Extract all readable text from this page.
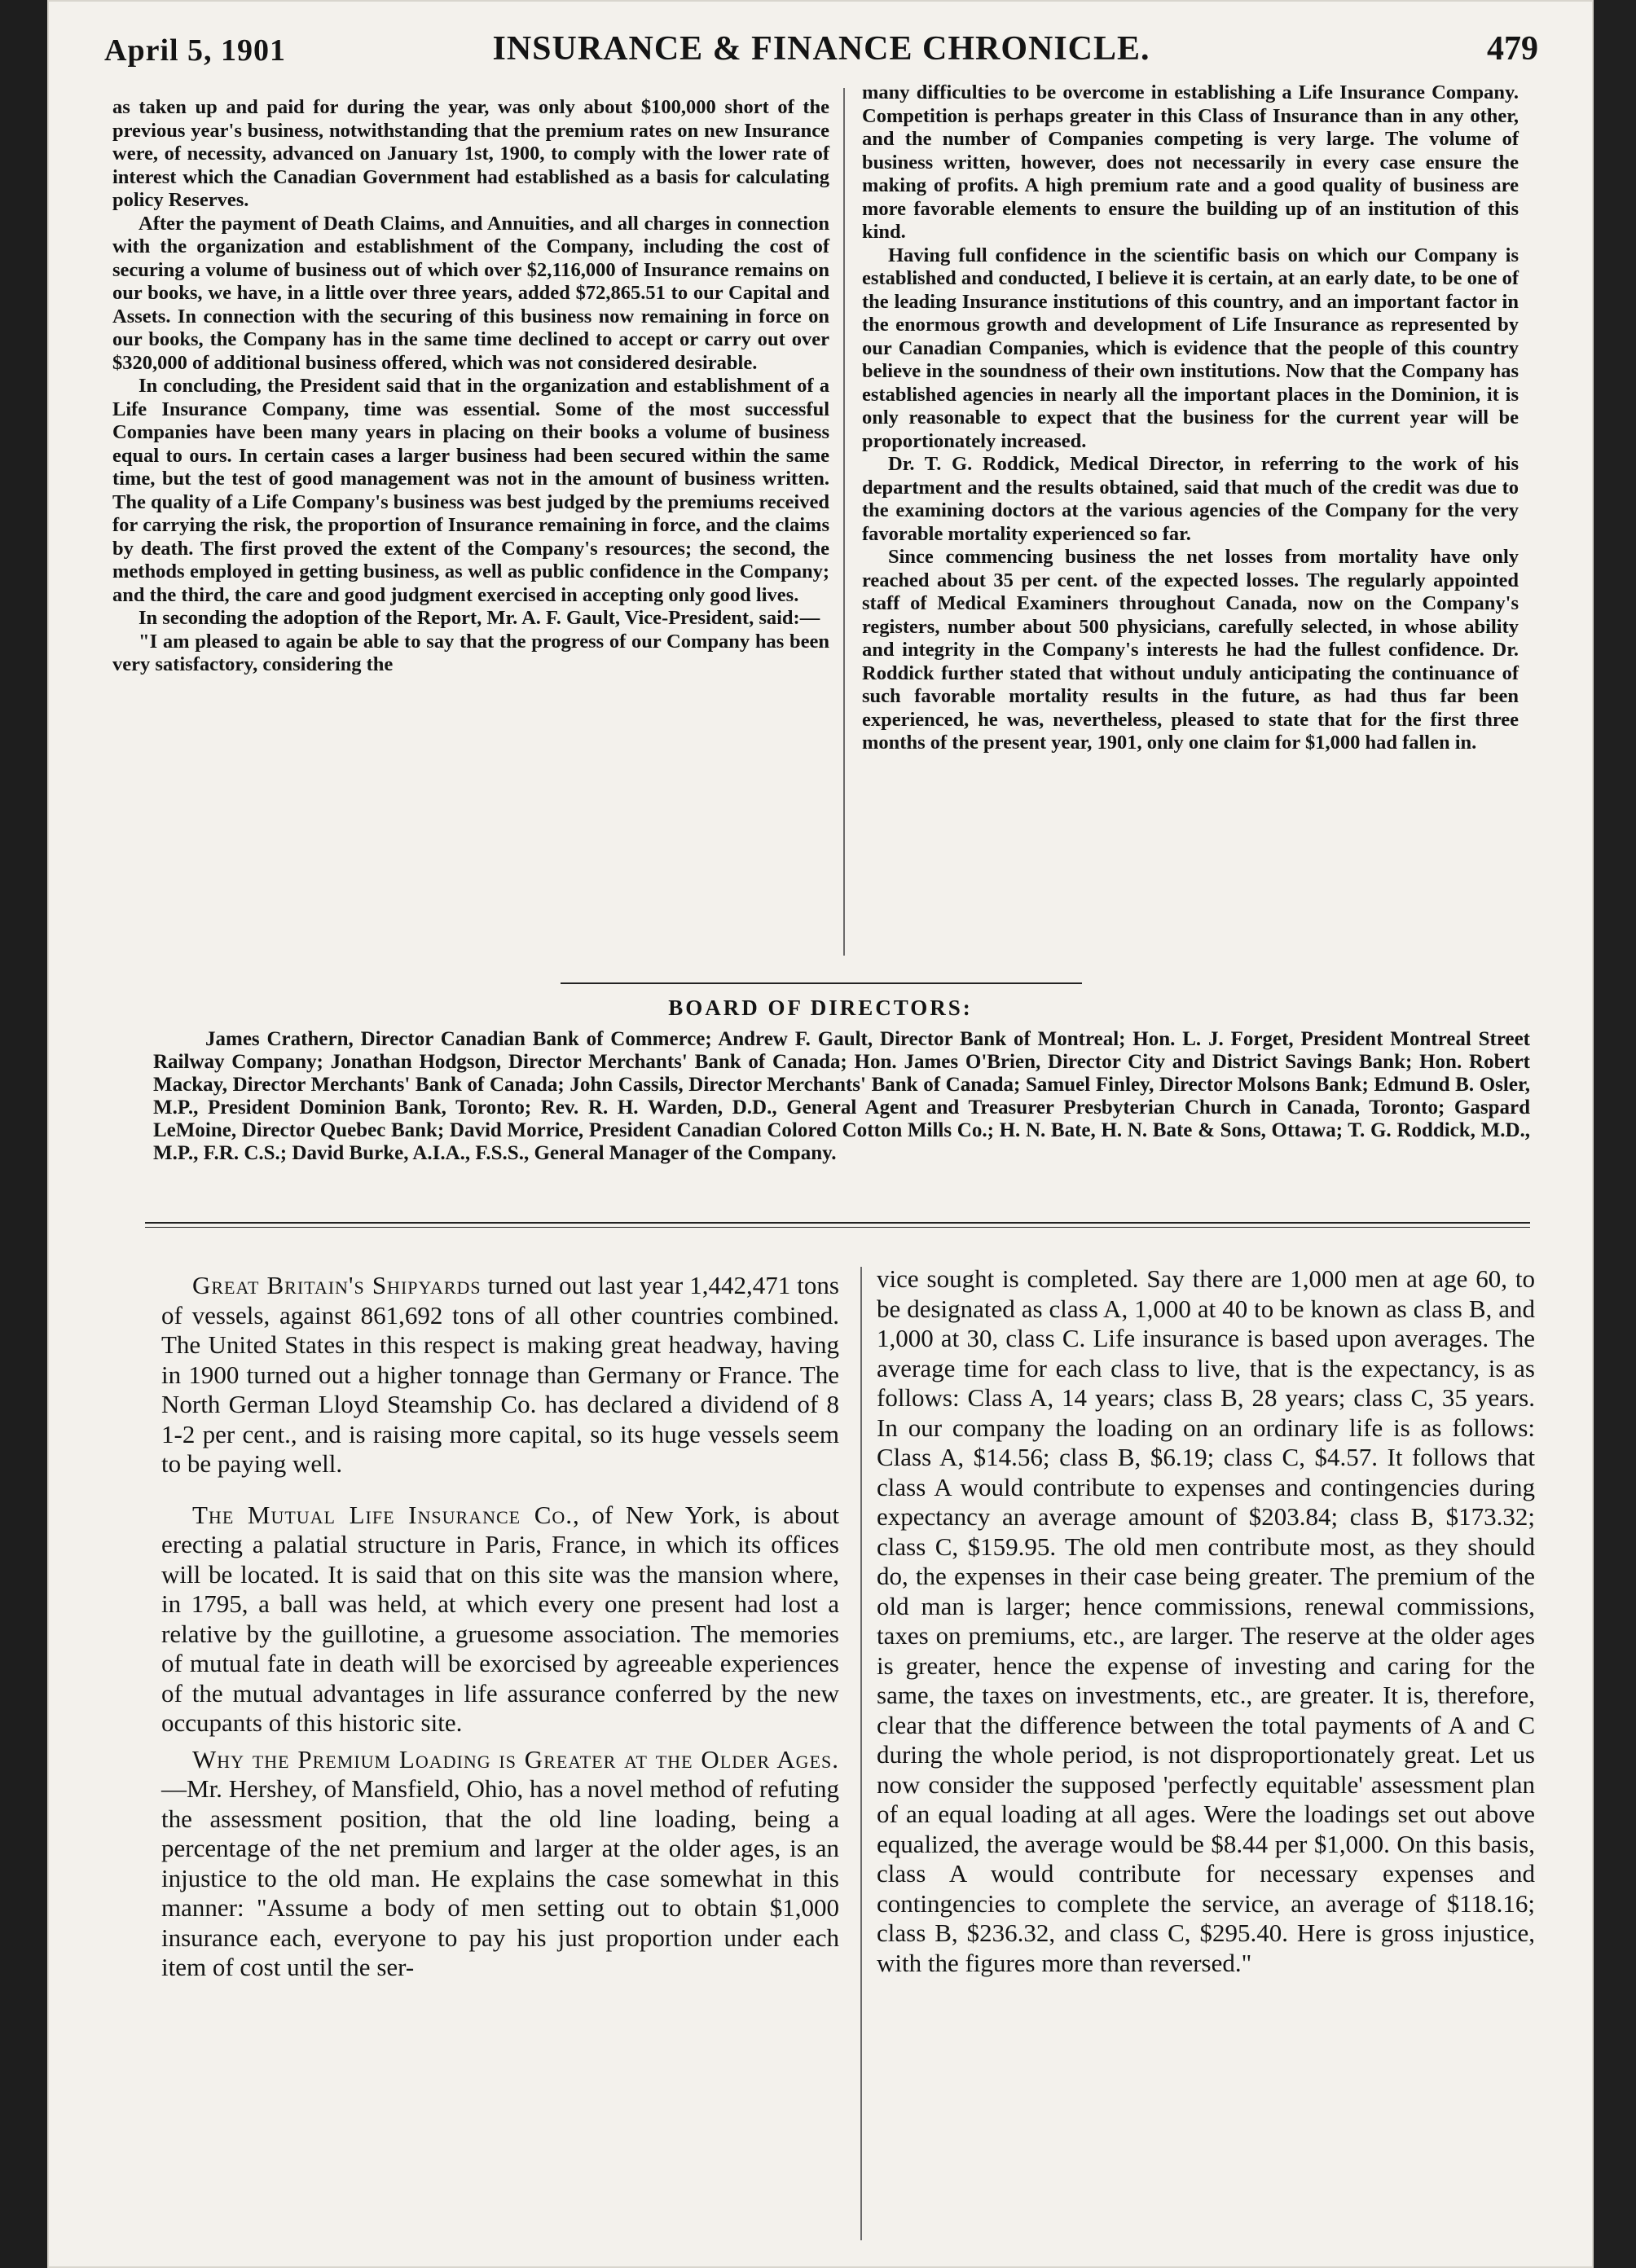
April 5, 1901	INSURANCE & FINANCE CHRONICLE.	479

as taken up and paid for during the year, was only about $100,000 short of the previous year's business, notwithstanding that the premium rates on new Insurance were, of necessity, advanced on January 1st, 1900, to comply with the lower rate of interest which the Canadian Government had established as a basis for calculating policy Reserves.

After the payment of Death Claims, and Annuities, and all charges in connection with the organization and establishment of the Company, including the cost of securing a volume of business out of which over $2,116,000 of Insurance remains on our books, we have, in a little over three years, added $72,865.51 to our Capital and Assets. In connection with the securing of this business now remaining in force on our books, the Company has in the same time declined to accept or carry out over $320,000 of additional business offered, which was not considered desirable.

In concluding, the President said that in the organization and establishment of a Life Insurance Company, time was essential. Some of the most successful Companies have been many years in placing on their books a volume of business equal to ours. In certain cases a larger business had been secured within the same time, but the test of good management was not in the amount of business written. The quality of a Life Company's business was best judged by the premiums received for carrying the risk, the proportion of Insurance remaining in force, and the claims by death. The first proved the extent of the Company's resources; the second, the methods employed in getting business, as well as public confidence in the Company; and the third, the care and good judgment exercised in accepting only good lives.

In seconding the adoption of the Report, Mr. A. F. Gault, Vice-President, said:—

"I am pleased to again be able to say that the progress of our Company has been very satisfactory, considering the

many difficulties to be overcome in establishing a Life Insurance Company. Competition is perhaps greater in this Class of Insurance than in any other, and the number of Companies competing is very large. The volume of business written, however, does not necessarily in every case ensure the making of profits. A high premium rate and a good quality of business are more favorable elements to ensure the building up of an institution of this kind.

Having full confidence in the scientific basis on which our Company is established and conducted, I believe it is certain, at an early date, to be one of the leading Insurance institutions of this country, and an important factor in the enormous growth and development of Life Insurance as represented by our Canadian Companies, which is evidence that the people of this country believe in the soundness of their own institutions. Now that the Company has established agencies in nearly all the important places in the Dominion, it is only reasonable to expect that the business for the current year will be proportionately increased.

Dr. T. G. Roddick, Medical Director, in referring to the work of his department and the results obtained, said that much of the credit was due to the examining doctors at the various agencies of the Company for the very favorable mortality experienced so far.

Since commencing business the net losses from mortality have only reached about 35 per cent. of the expected losses. The regularly appointed staff of Medical Examiners throughout Canada, now on the Company's registers, number about 500 physicians, carefully selected, in whose ability and integrity in the Company's interests he had the fullest confidence. Dr. Roddick further stated that without unduly anticipating the continuance of such favorable mortality results in the future, as had thus far been experienced, he was, nevertheless, pleased to state that for the first three months of the present year, 1901, only one claim for $1,000 had fallen in.

BOARD OF DIRECTORS:

James Crathern, Director Canadian Bank of Commerce; Andrew F. Gault, Director Bank of Montreal; Hon. L. J. Forget, President Montreal Street Railway Company; Jonathan Hodgson, Director Merchants' Bank of Canada; Hon. James O'Brien, Director City and District Savings Bank; Hon. Robert Mackay, Director Merchants' Bank of Canada; John Cassils, Director Merchants' Bank of Canada; Samuel Finley, Director Molsons Bank; Edmund B. Osler, M.P., President Dominion Bank, Toronto; Rev. R. H. Warden, D.D., General Agent and Treasurer Presbyterian Church in Canada, Toronto; Gaspard LeMoine, Director Quebec Bank; David Morrice, President Canadian Colored Cotton Mills Co.; H. N. Bate, H. N. Bate & Sons, Ottawa; T. G. Roddick, M.D., M.P., F.R. C.S.; David Burke, A.I.A., F.S.S., General Manager of the Company.

Great Britain's Shipyards turned out last year 1,442,471 tons of vessels, against 861,692 tons of all other countries combined. The United States in this respect is making great headway, having in 1900 turned out a higher tonnage than Germany or France. The North German Lloyd Steamship Co. has declared a dividend of 8 1-2 per cent., and is raising more capital, so its huge vessels seem to be paying well.

The Mutual Life Insurance Co., of New York, is about erecting a palatial structure in Paris, France, in which its offices will be located. It is said that on this site was the mansion where, in 1795, a ball was held, at which every one present had lost a relative by the guillotine, a gruesome association. The memories of mutual fate in death will be exorcised by agreeable experiences of the mutual advantages in life assurance conferred by the new occupants of this historic site.

Why the Premium Loading is Greater at the Older Ages.—Mr. Hershey, of Mansfield, Ohio, has a novel method of refuting the assessment position, that the old line loading, being a percentage of the net premium and larger at the older ages, is an injustice to the old man. He explains the case somewhat in this manner: "Assume a body of men setting out to obtain $1,000 insurance each, everyone to pay his just proportion under each item of cost until the ser-

vice sought is completed. Say there are 1,000 men at age 60, to be designated as class A, 1,000 at 40 to be known as class B, and 1,000 at 30, class C. Life insurance is based upon averages. The average time for each class to live, that is the expectancy, is as follows: Class A, 14 years; class B, 28 years; class C, 35 years. In our company the loading on an ordinary life is as follows: Class A, $14.56; class B, $6.19; class C, $4.57. It follows that class A would contribute to expenses and contingencies during expectancy an average amount of $203.84; class B, $173.32; class C, $159.95. The old men contribute most, as they should do, the expenses in their case being greater. The premium of the old man is larger; hence commissions, renewal commissions, taxes on premiums, etc., are larger. The reserve at the older ages is greater, hence the expense of investing and caring for the same, the taxes on investments, etc., are greater. It is, therefore, clear that the difference between the total payments of A and C during the whole period, is not disproportionately great. Let us now consider the supposed 'perfectly equitable' assessment plan of an equal loading at all ages. Were the loadings set out above equalized, the average would be $8.44 per $1,000. On this basis, class A would contribute for necessary expenses and contingencies to complete the service, an average of $118.16; class B, $236.32, and class C, $295.40. Here is gross injustice, with the figures more than reversed."
